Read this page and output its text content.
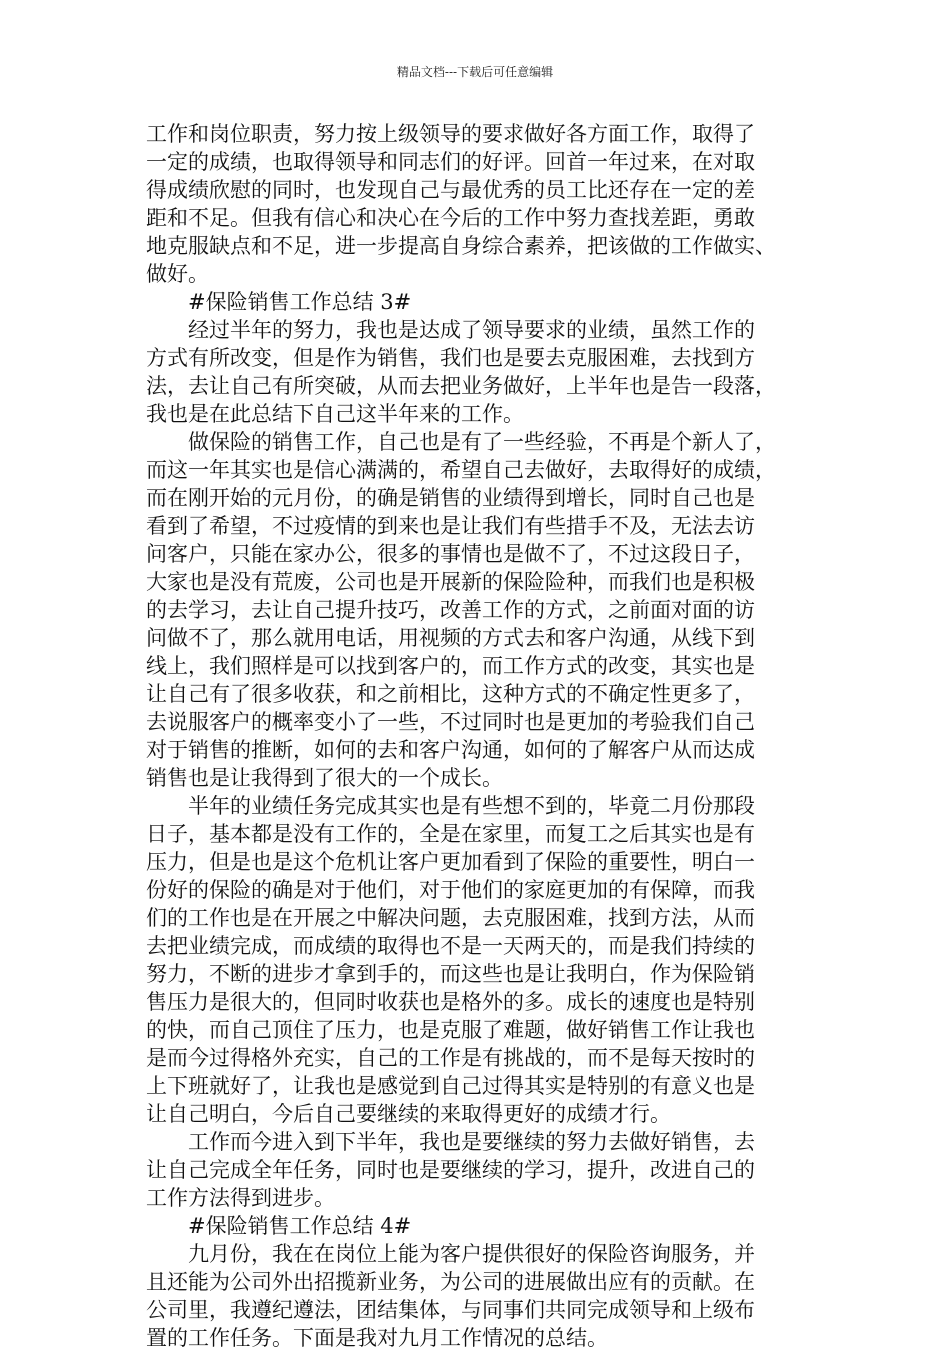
精品文档---下载后可任意编辑
工作和岗位职责，努力按上级领导的要求做好各方面工作，取得了
一定的成绩，也取得领导和同志们的好评。回首一年过来，在对取
得成绩欣慰的同时，也发现自己与最优秀的员工比还存在一定的差
距和不足。但我有信心和决心在今后的工作中努力查找差距，勇敢
地克服缺点和不足，进一步提高自身综合素养，把该做的工作做实、
做好。
#保险销售工作总结 3#
经过半年的努力，我也是达成了领导要求的业绩，虽然工作的
方式有所改变，但是作为销售，我们也是要去克服困难，去找到方
法，去让自己有所突破，从而去把业务做好，上半年也是告一段落，
我也是在此总结下自己这半年来的工作。
做保险的销售工作，自己也是有了一些经验，不再是个新人了，
而这一年其实也是信心满满的，希望自己去做好，去取得好的成绩，
而在刚开始的元月份，的确是销售的业绩得到增长，同时自己也是
看到了希望，不过疫情的到来也是让我们有些措手不及，无法去访
问客户，只能在家办公，很多的事情也是做不了，不过这段日子，
大家也是没有荒废，公司也是开展新的保险险种，而我们也是积极
的去学习，去让自己提升技巧，改善工作的方式，之前面对面的访
问做不了，那么就用电话，用视频的方式去和客户沟通，从线下到
线上，我们照样是可以找到客户的，而工作方式的改变，其实也是
让自己有了很多收获，和之前相比，这种方式的不确定性更多了，
去说服客户的概率变小了一些，不过同时也是更加的考验我们自己
对于销售的推断，如何的去和客户沟通，如何的了解客户从而达成
销售也是让我得到了很大的一个成长。
半年的业绩任务完成其实也是有些想不到的，毕竟二月份那段
日子，基本都是没有工作的，全是在家里，而复工之后其实也是有
压力，但是也是这个危机让客户更加看到了保险的重要性，明白一
份好的保险的确是对于他们，对于他们的家庭更加的有保障，而我
们的工作也是在开展之中解决问题，去克服困难，找到方法，从而
去把业绩完成，而成绩的取得也不是一天两天的，而是我们持续的
努力，不断的进步才拿到手的，而这些也是让我明白，作为保险销
售压力是很大的，但同时收获也是格外的多。成长的速度也是特别
的快，而自己顶住了压力，也是克服了难题，做好销售工作让我也
是而今过得格外充实，自己的工作是有挑战的，而不是每天按时的
上下班就好了，让我也是感觉到自己过得其实是特别的有意义也是
让自己明白，今后自己要继续的来取得更好的成绩才行。
工作而今进入到下半年，我也是要继续的努力去做好销售，去
让自己完成全年任务，同时也是要继续的学习，提升，改进自己的
工作方法得到进步。
#保险销售工作总结 4#
九月份，我在在岗位上能为客户提供很好的保险咨询服务，并
且还能为公司外出招揽新业务，为公司的进展做出应有的贡献。在
公司里，我遵纪遵法，团结集体，与同事们共同完成领导和上级布
置的工作任务。下面是我对九月工作情况的总结。
